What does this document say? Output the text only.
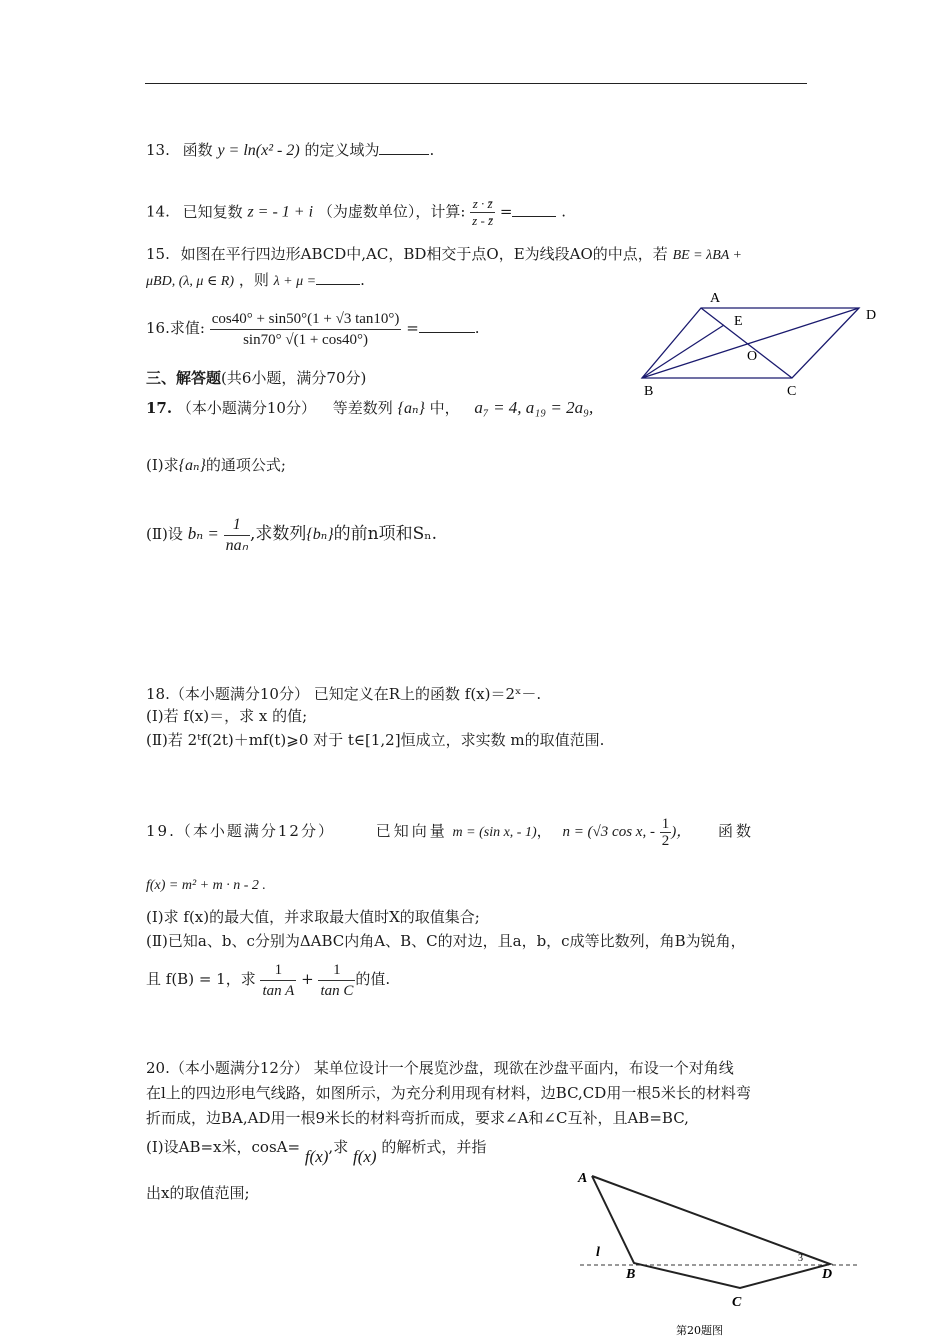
13. 函数 y = ln(x² - 2) 的定义域为	.
14. 已知复数 z = - 1 + i （为虚数单位），计算: $\frac{z \cdot z̄}{z - z̄}$ =	.
15. 如图在平行四边形ABCD中,AC，BD相交于点O，E为线段AO的中点，若 BE = λBA +
μBD, (λ, μ ∈ R) ，则 λ + μ =	.
16.求值: $\frac{\cos 40^\circ + \sin 50^\circ(1 + √3 \tan 10^\circ)}{\sin 70^\circ √(1 + \cos 40^\circ)}$ =	.
A
D
B	C
E
O
三、解答题(共6小题，满分70分)
17. （本小题满分10分） 等差数列 {aₙ} 中， a₇ = 4, a₁₉ = 2a₉,
(Ⅰ)求{aₙ}的通项公式;
(Ⅱ)设 $b_n = \frac{1}{\text{naₙ}}$ ,求数列{bₙ}的前n项和Sₙ.
18.（本小题满分10分） 已知定义在R上的函数 f(x)＝2ˣ－.
(Ⅰ)若 f(x)＝，求 x 的值;
(Ⅱ)若 2ᵗf(2t)＋mf(t)⩾0 对于 t∈[1,2]恒成立，求实数 m的取值范围.
19.（本小题满分12分）	已知向量 m = (sin x, - 1)， n = (√3 cos x, - $\frac{1}{2}$ )， 函数
f(x) = m² + m · n - 2 .
(Ⅰ)求 f(x)的最大值，并求取最大值时X的取值集合;
(Ⅱ)已知a、b、c分别为ΔABC内角A、B、C的对边，且a，b，c成等比数列，角B为锐角，
且 f(B) = 1，求 $\frac{1}{\text{tan A}} + \frac{1}{\text{tan C}}$ 的值.
20.（本小题满分12分） 某单位设计一个展览沙盘，现欲在沙盘平面内，布设一个对角线
在l上的四边形电气线路，如图所示，为充分利用现有材料，边BC,CD用一根5米长的材料弯
折而成，边BA,AD用一根9米长的材料弯折而成，要求∠A和∠C互补，且AB=BC,
(Ⅰ)设AB=x米，cosA= f(x),求 f(x) 的解析式，并指
出x的取值范围;
A
B
C
D
l	3
第20题图
